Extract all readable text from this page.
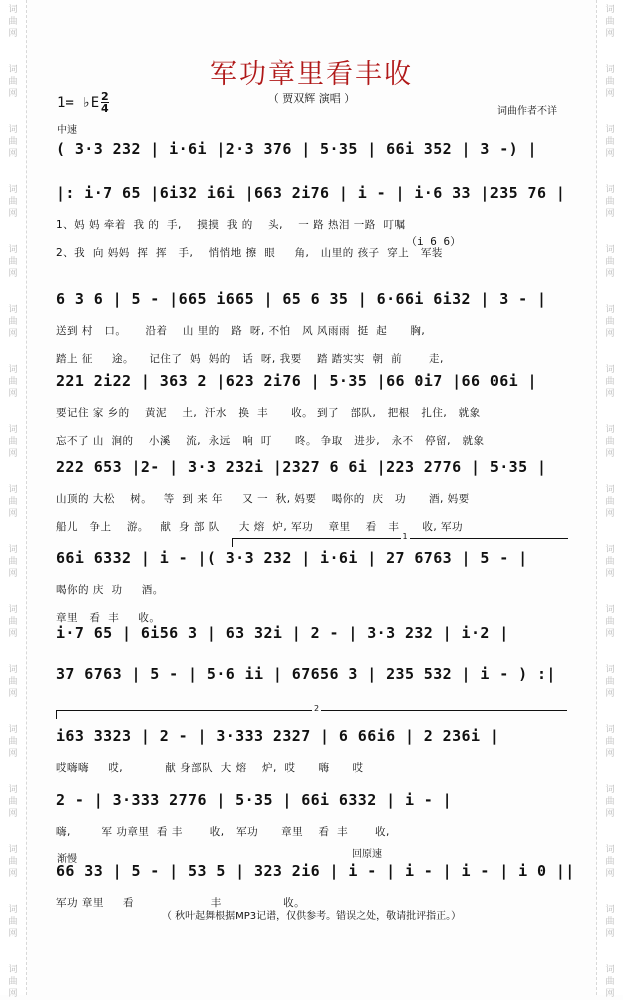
词
曲
网
词
曲
网
词
曲
网
词
曲
网
词
曲
网
词
曲
网
词
曲
网
词
曲
网
词
曲
网
词
曲
网
词
曲
网
词
曲
网
词
曲
网
词
曲
网
词
曲
网
词
曲
网
词
曲
网
词
曲
网
词
曲
网
词
曲
网
词
曲
网
词
曲
网
词
曲
网
词
曲
网
词
曲
网
词
曲
网
词
曲
网
词
曲
网
词
曲
网
词
曲
网
词
曲
网
词
曲
网
词
曲
网
词
曲
网
军功章里看丰收
（ 贾双辉 演唱 ）
1= ♭E 2
4	词曲作者不详
中速
（i 6 6）
1
2
渐慢	回原速
( 3·3 232 | i·6i |2·3 376 | 5·35 | 66i 352 | 3 -) |
|: i·7 65 |6i32 i6i |663 2i76 | i - | i·6 33 |235 76 |
1、妈 妈 牵着  我 的  手,    摸摸  我 的    头,    一 路 热泪 一路  叮嘱
2、我  向 妈妈  挥  挥   手,    悄悄地 擦  眼     角,   山里的 孩子  穿上   军装
6 3 6 | 5 - |665 i665 | 65 6 35 | 6·66i 6i32 | 3 - |
送到 村   口。     沿着    山 里的   路  呀, 不怕   风 风雨雨  挺  起      胸,
踏上 征     途。    记住了  妈  妈的   话  呀, 我要    踏 踏实实  朝  前       走,
221 2i22 | 363 2 |623 2i76 | 5·35 |66 0i7 |66 06i |
要记住 家 乡的    黄泥    土,  汗水   换  丰      收。 到了   部队,   把根   扎住,   就象
忘不了 山  涧的    小溪    流,  永远   响  叮      咚。 争取   进步,   永不   停留,   就象
222 653 |2- | 3·3 232i |2327 6 6i |223 2776 | 5·35 |
山顶的 大松    树。   等  到 来 年     又 一  秋, 妈要    喝你的  庆   功      酒, 妈要
船儿   争上    游。   献  身 部 队     大 熔  炉, 军功    章里    看   丰      收, 军功
66i 6332 | i - |( 3·3 232 | i·6i | 27 6763 | 5 - |
喝你的 庆  功     酒。
章里   看  丰     收。
i·7 65 | 6i56 3 | 63 32i | 2 - | 3·3 232 | i·2 |
37 6763 | 5 - | 5·6 ii | 67656 3 | 235 532 | i - ) :|
i63 3323 | 2 - | 3·333 2327 | 6 66i6 | 2 236i |
哎嗨嗨     哎,           献 身部队  大 熔    炉,  哎      嗨      哎
2 - | 3·333 2776 | 5·35 | 66i 6332 | i - |
嗨,        军 功章里  看 丰       收,   军功      章里    看  丰       收,
66 33 | 5 - | 53 5 | 323 2i6 | i - | i - | i - | i 0 ||
军功 章里     看                    丰                收。
（ 秋叶起舞根据MP3记谱，仅供参考。错误之处，敬请批评指正。）
